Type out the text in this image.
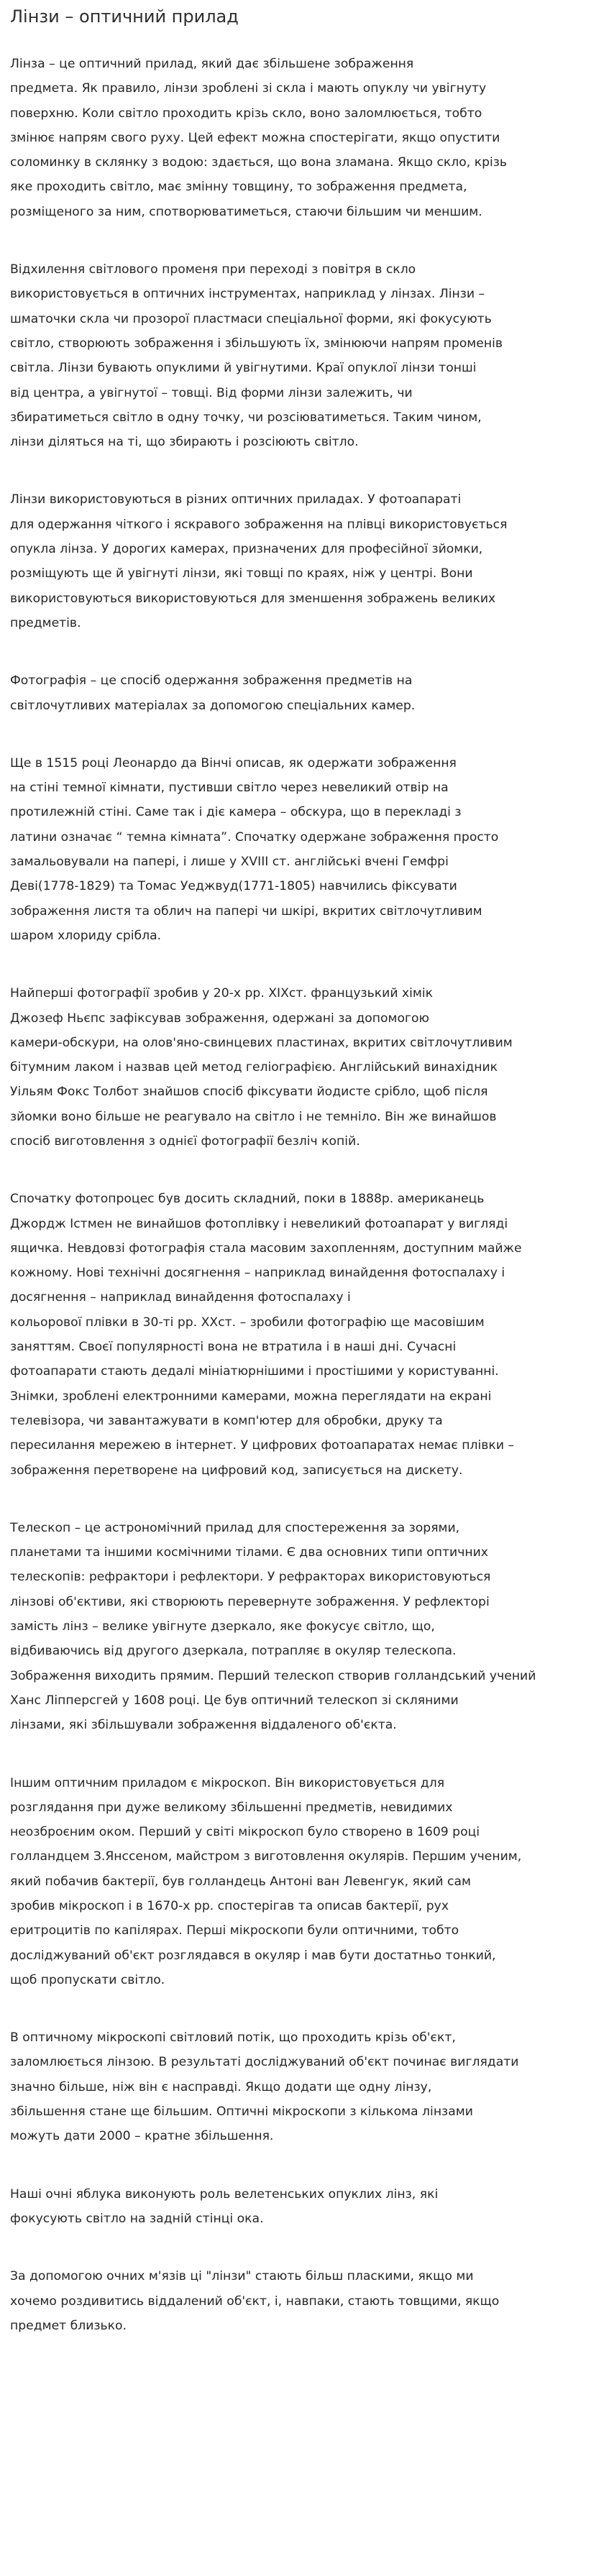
Лінзи – оптичний прилад

Лінза – це оптичний прилад, який дає збільшене зображення
предмета. Як правило, лінзи зроблені зі скла і мають опуклу чи увігнуту
поверхню. Коли світло проходить крізь скло, воно заломлюється, тобто
змінює напрям свого руху. Цей ефект можна спостерігати, якщо опустити
соломинку в склянку з водою: здається, що вона зламана. Якщо скло, крізь
яке проходить світло, має змінну товщину, то зображення предмета,
розміщеного за ним, спотворюватиметься, стаючи більшим чи меншим.

Відхилення світлового променя при переході з повітря в скло
використовується в оптичних інструментах, наприклад у лінзах. Лінзи –
шматочки скла чи прозорої пластмаси спеціальної форми, які фокусують
світло, створюють зображення і збільшують їх, змінюючи напрям променів
світла. Лінзи бувають опуклими й увігнутими. Краї опуклої лінзи тонші
від центра, а увігнутої – товщі. Від форми лінзи залежить, чи
збиратиметься світло в одну точку, чи розсіюватиметься. Таким чином,
лінзи діляться на ті, що збирають і розсіюють світло.

Лінзи використовуються в різних оптичних приладах. У фотоапараті
для одержання чіткого і яскравого зображення на плівці використовується
опукла лінза. У дорогих камерах, призначених для професійної зйомки,
розміщують ще й увігнуті лінзи, які товщі по краях, ніж у центрі. Вони
використовуються використовуються для зменшення зображень великих
предметів.

Фотографія – це спосіб одержання зображення предметів на
світлочутливих матеріалах за допомогою спеціальних камер.

Ще в 1515 році Леонардо да Вінчі описав, як одержати зображення
на стіні темної кімнати, пустивши світло через невеликий отвір на
протилежній стіні. Саме так і діє камера – обскура, що в перекладі з
латини означає “ темна кімната”. Спочатку одержане зображення просто
замальовували на папері, і лише у XVIII ст. англійські вчені Гемфрі
Деві(1778-1829) та Томас Уеджвуд(1771-1805) навчились фіксувати
зображення листя та облич на папері чи шкірі, вкритих світлочутливим
шаром хлориду срібла.

Найперші фотографії зробив у 20-х рр. XIXст. французький хімік
Джозеф Ньєпс зафіксував зображення, одержані за допомогою
камери-обскури, на олов'яно-свинцевих пластинах, вкритих світлочутливим
бітумним лаком і назвав цей метод геліографією. Англійський винахідник
Уільям Фокс Толбот знайшов спосіб фіксувати йодисте срібло, щоб після
зйомки воно більше не реагувало на світло і не темніло. Він же винайшов
спосіб виготовлення з однієї фотографії безліч копій.

Спочатку фотопроцес був досить складний, поки в 1888р. американець
Джордж Істмен не винайшов фотоплівку і невеликий фотоапарат у вигляді
ящичка. Невдовзі фотографія стала масовим захопленням, доступним майже
кожному. Нові технічні досягнення – наприклад винайдення фотоспалаху і
досягнення – наприклад винайдення фотоспалаху і
кольорової плівки в 30-ті рр. XXст. – зробили фотографію ще масовішим
заняттям. Своєї популярності вона не втратила і в наші дні. Сучасні
фотоапарати стають дедалі мініатюрнішими і простішими у користуванні.
Знімки, зроблені електронними камерами, можна переглядати на екрані
телевізора, чи завантажувати в комп'ютер для обробки, друку та
пересилання мережею в інтернет. У цифрових фотоапаратах немає плівки –
зображення перетворене на цифровий код, записується на дискету.

Телескоп – це астрономічний прилад для спостереження за зорями,
планетами та іншими космічними тілами. Є два основних типи оптичних
телескопів: рефрактори і рефлектори. У рефракторах використовуються
лінзові об'єктиви, які створюють перевернуте зображення. У рефлекторі
замість лінз – велике увігнуте дзеркало, яке фокусує світло, що,
відбиваючись від другого дзеркала, потрапляє в окуляр телескопа.
Зображення виходить прямим. Перший телескоп створив голландський учений
Ханс Ліпперсгей у 1608 році. Це був оптичний телескоп зі скляними
лінзами, які збільшували зображення віддаленого об'єкта.

Іншим оптичним приладом є мікроскоп. Він використовується для
розглядання при дуже великому збільшенні предметів, невидимих
неозброєним оком. Перший у світі мікроскоп було створено в 1609 році
голландцем З.Янссеном, майстром з виготовлення окулярів. Першим ученим,
який побачив бактерії, був голландець Антоні ван Левенгук, який сам
зробив мікроскоп і в 1670-х рр. спостерігав та описав бактерії, рух
еритроцитів по капілярах. Перші мікроскопи були оптичними, тобто
досліджуваний об'єкт розглядався в окуляр і мав бути достатньо тонкий,
щоб пропускати світло.

В оптичному мікроскопі світловий потік, що проходить крізь об'єкт,
заломлюється лінзою. В результаті досліджуваний об'єкт починає виглядати
значно більше, ніж він є насправді. Якщо додати ще одну лінзу,
збільшення стане ще більшим. Оптичні мікроскопи з кількома лінзами
можуть дати 2000 – кратне збільшення.

Наші очні яблука виконують роль велетенських опуклих лінз, які
фокусують світло на задній стінці ока.

За допомогою очних м'язів ці "лінзи" стають більш пласкими, якщо ми
хочемо роздивитись віддалений об'єкт, і, навпаки, стають товщими, якщо
предмет близько.
